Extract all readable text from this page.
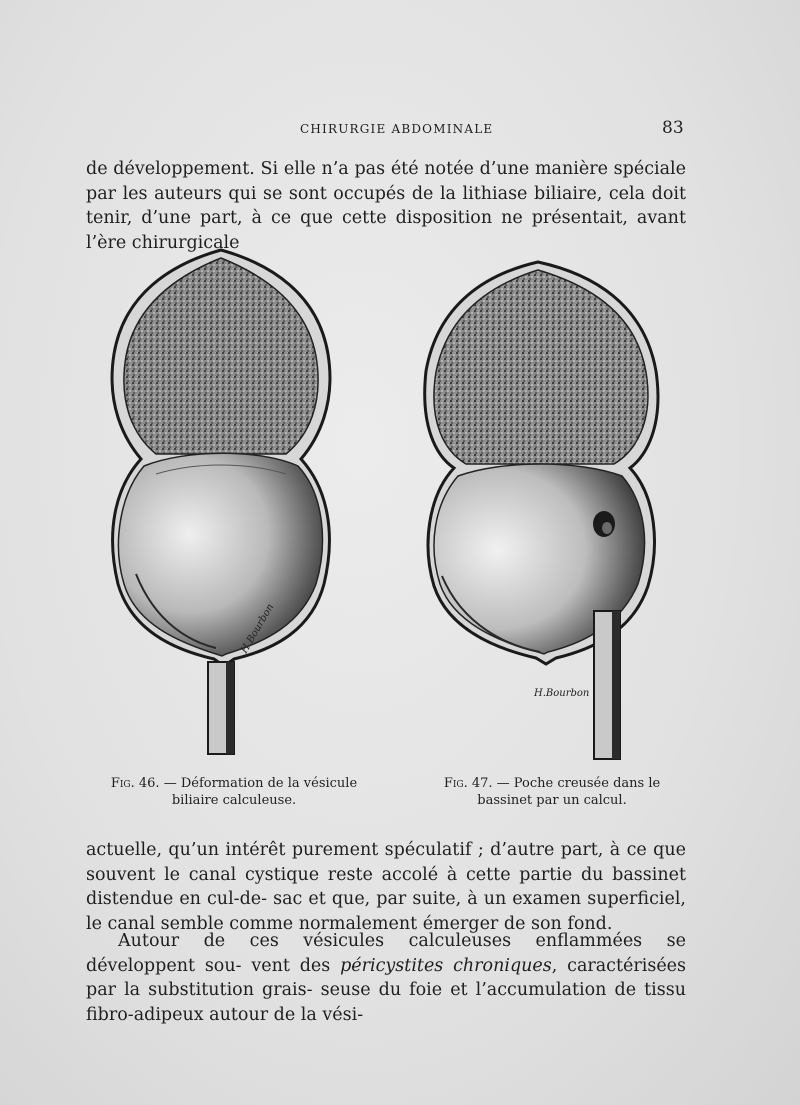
CHIRURGIE ABDOMINALE	83

de développement. Si elle n’a pas été notée d’une manière spéciale par les auteurs qui se sont occupés de la lithiase biliaire, cela doit tenir, d’une part, à ce que cette disposition ne présentait, avant l’ère chirurgicale

H.Bourbon
H.Bourbon
Fig. 46. — Déformation de la vésicule
biliaire calculeuse.
Fig. 47. — Poche creusée dans le
bassinet par un calcul.

actuelle, qu’un intérêt purement spéculatif ; d’autre part, à ce que souvent le canal cystique reste accolé à cette partie du bassinet distendue en cul-de- sac et que, par suite, à un examen superficiel, le canal semble comme normalement émerger de son fond.

Autour de ces vésicules calculeuses enflammées se développent sou- vent des péricystites chroniques, caractérisées par la substitution grais- seuse du foie et l’accumulation de tissu fibro-adipeux autour de la vési-
